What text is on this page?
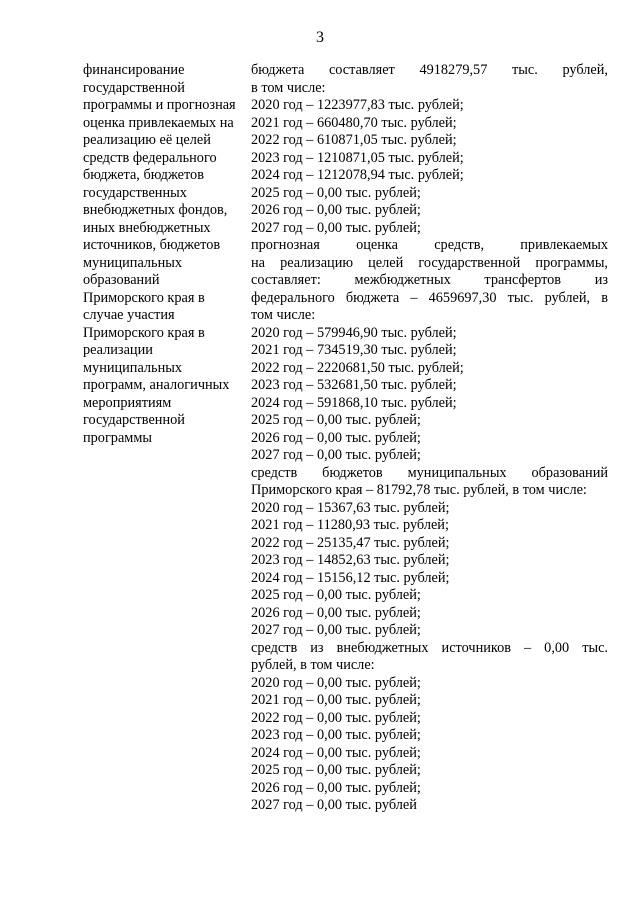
3
финансирование
государственной
программы и прогнозная
оценка привлекаемых на
реализацию её целей
средств федерального
бюджета, бюджетов
государственных
внебюджетных фондов,
иных внебюджетных
источников, бюджетов
муниципальных
образований
Приморского края в
случае участия
Приморского края в
реализации
муниципальных
программ, аналогичных
мероприятиям
государственной
программы
бюджета составляет 4918279,57 тыс. рублей,
в том числе:
2020 год – 1223977,83 тыс. рублей;
2021 год – 660480,70 тыс. рублей;
2022 год – 610871,05 тыс. рублей;
2023 год – 1210871,05 тыс. рублей;
2024 год – 1212078,94 тыс. рублей;
2025 год – 0,00 тыс. рублей;
2026 год – 0,00 тыс. рублей;
2027 год – 0,00 тыс. рублей;
прогнозная оценка средств, привлекаемых
на реализацию целей государственной программы,
составляет: межбюджетных трансфертов из
федерального бюджета – 4659697,30 тыс. рублей, в
том числе:
2020 год – 579946,90 тыс. рублей;
2021 год – 734519,30 тыс. рублей;
2022 год – 2220681,50 тыс. рублей;
2023 год – 532681,50 тыс. рублей;
2024 год – 591868,10 тыс. рублей;
2025 год – 0,00 тыс. рублей;
2026 год – 0,00 тыс. рублей;
2027 год – 0,00 тыс. рублей;
средств бюджетов муниципальных образований
Приморского края – 81792,78 тыс. рублей, в том числе:
2020 год – 15367,63 тыс. рублей;
2021 год – 11280,93 тыс. рублей;
2022 год – 25135,47 тыс. рублей;
2023 год – 14852,63 тыс. рублей;
2024 год – 15156,12 тыс. рублей;
2025 год – 0,00 тыс. рублей;
2026 год – 0,00 тыс. рублей;
2027 год – 0,00 тыс. рублей;
средств из внебюджетных источников – 0,00 тыс.
рублей, в том числе:
2020 год – 0,00 тыс. рублей;
2021 год – 0,00 тыс. рублей;
2022 год – 0,00 тыс. рублей;
2023 год – 0,00 тыс. рублей;
2024 год – 0,00 тыс. рублей;
2025 год – 0,00 тыс. рублей;
2026 год – 0,00 тыс. рублей;
2027 год – 0,00 тыс. рублей
